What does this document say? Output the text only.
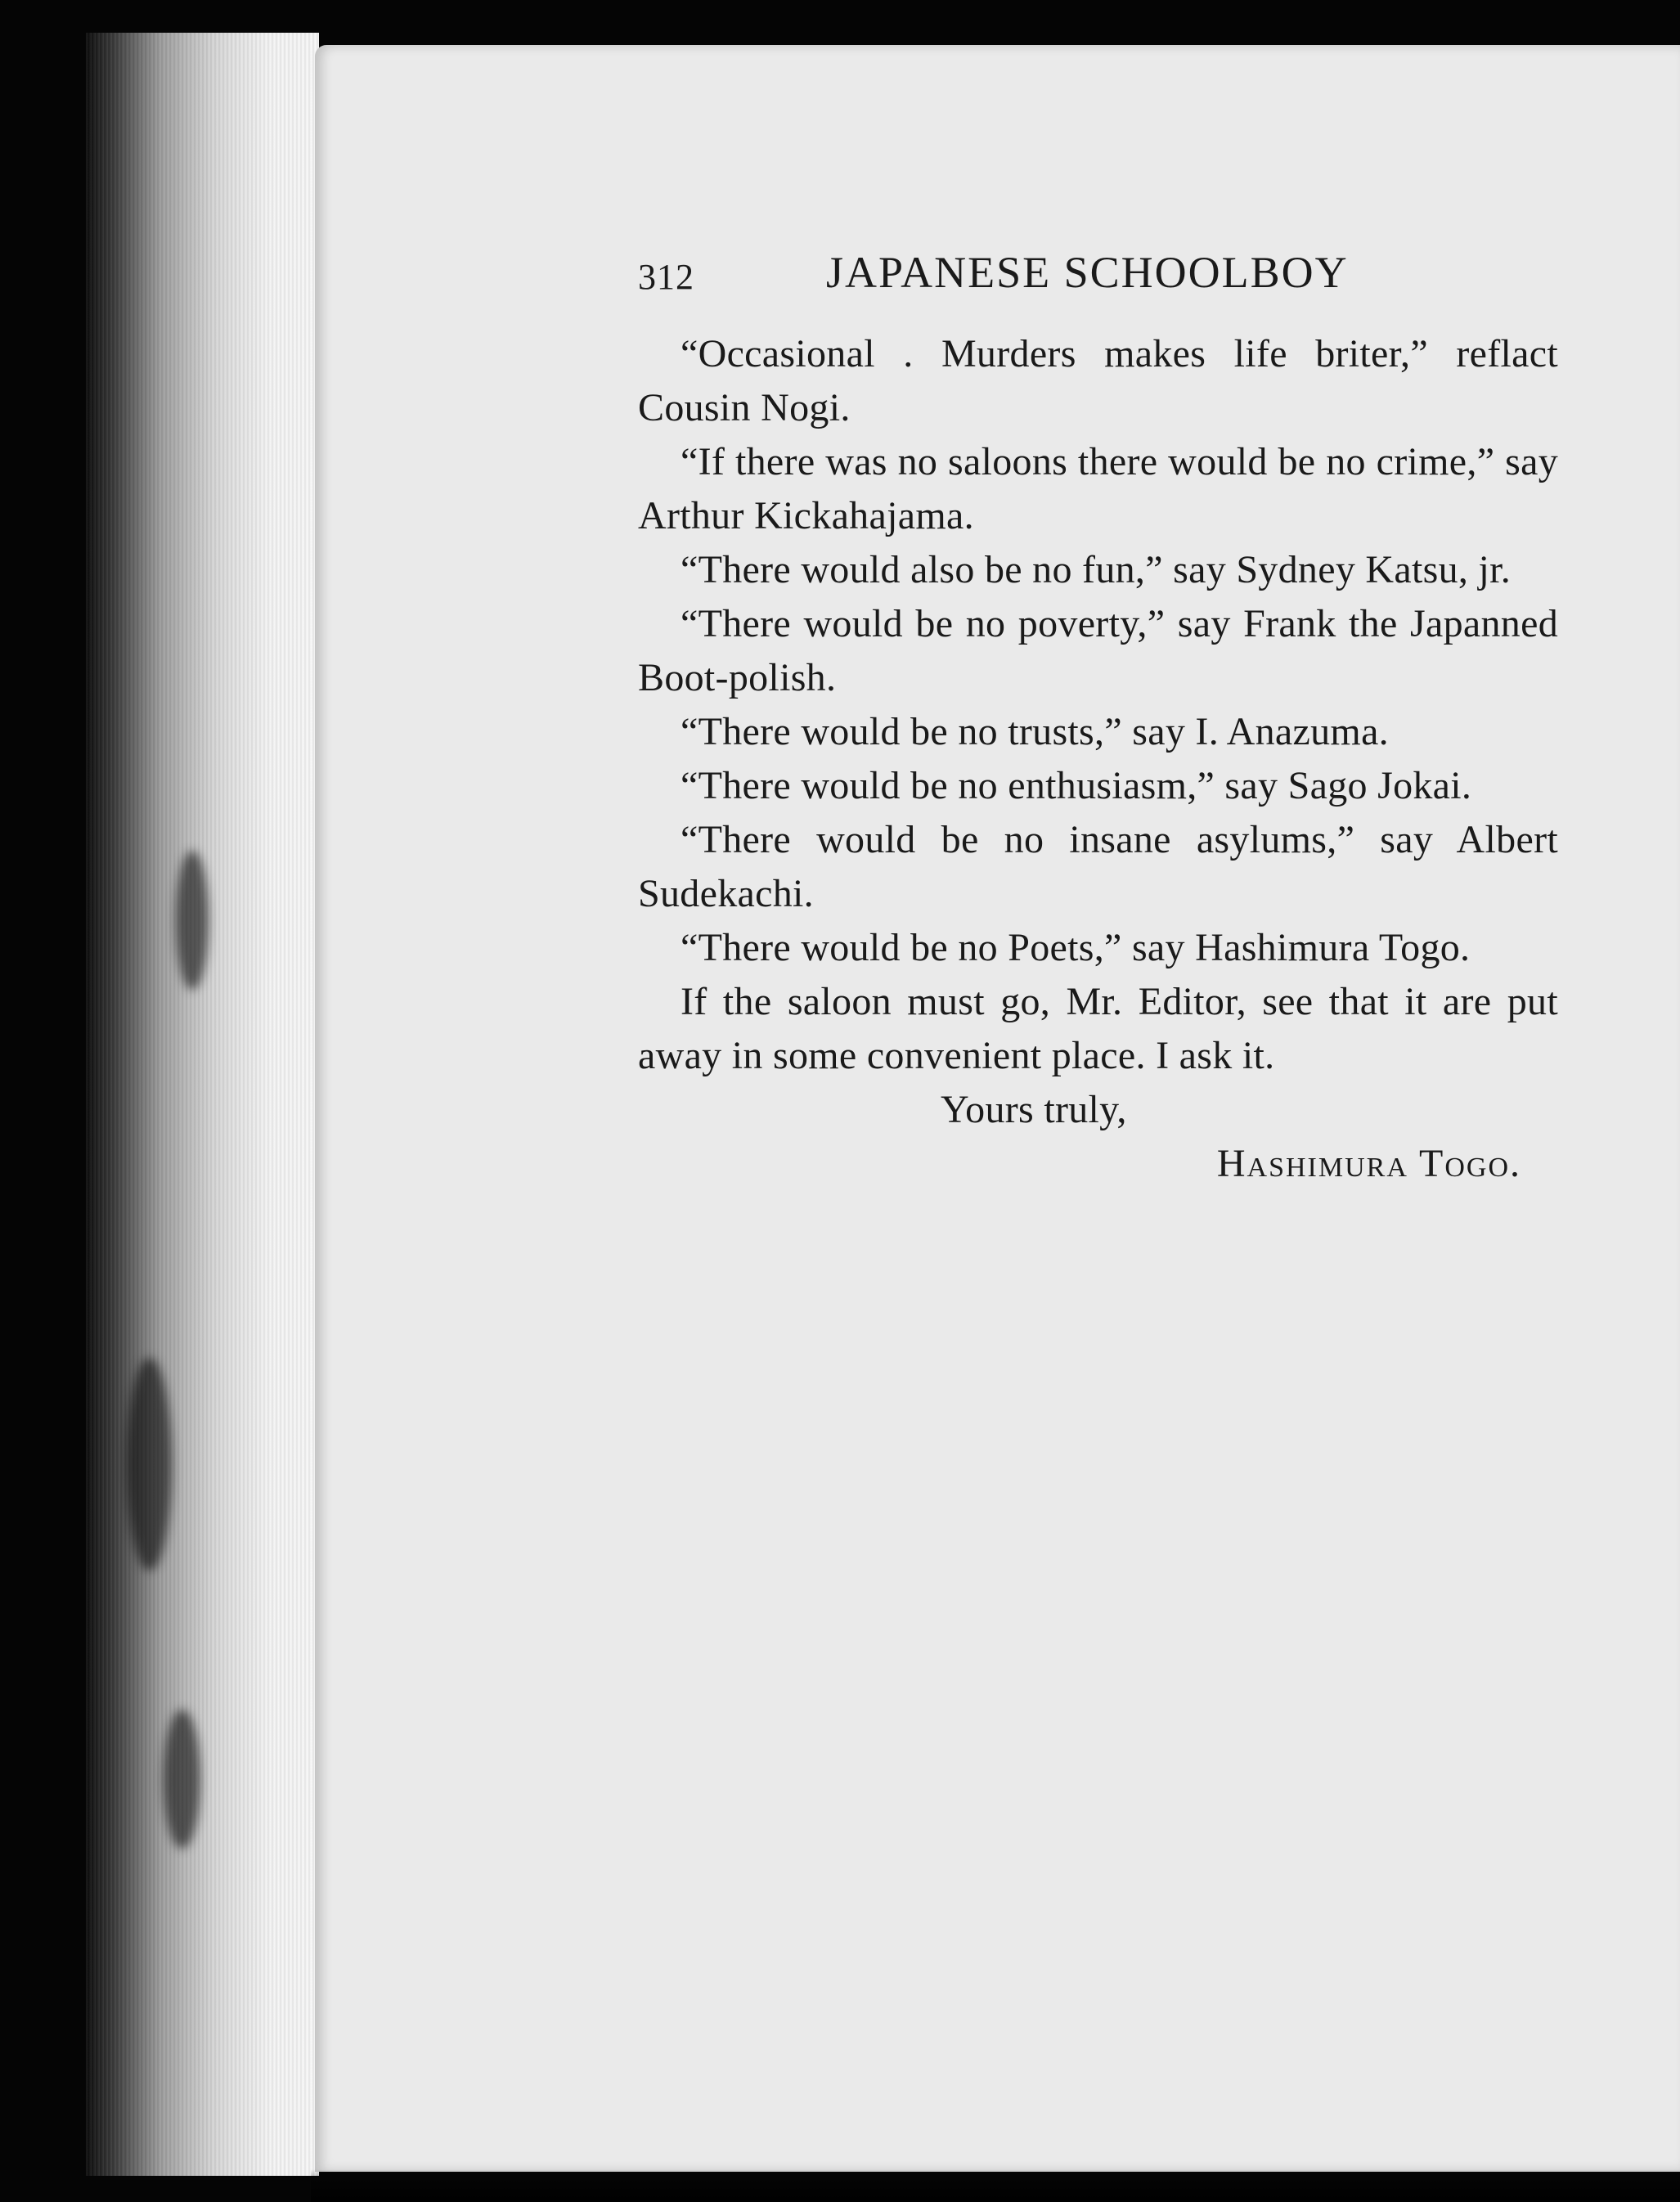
312	JAPANESE SCHOOLBOY

“Occasional . Murders makes life briter,” reflact Cousin Nogi.

“If there was no saloons there would be no crime,” say Arthur Kickahajama.

“There would also be no fun,” say Sydney Katsu, jr.

“There would be no poverty,” say Frank the Japanned Boot-polish.

“There would be no trusts,” say I. Anazuma.

“There would be no enthusiasm,” say Sago Jokai.

“There would be no insane asylums,” say Albert Sudekachi.

“There would be no Poets,” say Hashimura Togo.

If the saloon must go, Mr. Editor, see that it are put away in some convenient place. I ask it.

Yours truly,

Hashimura Togo.
